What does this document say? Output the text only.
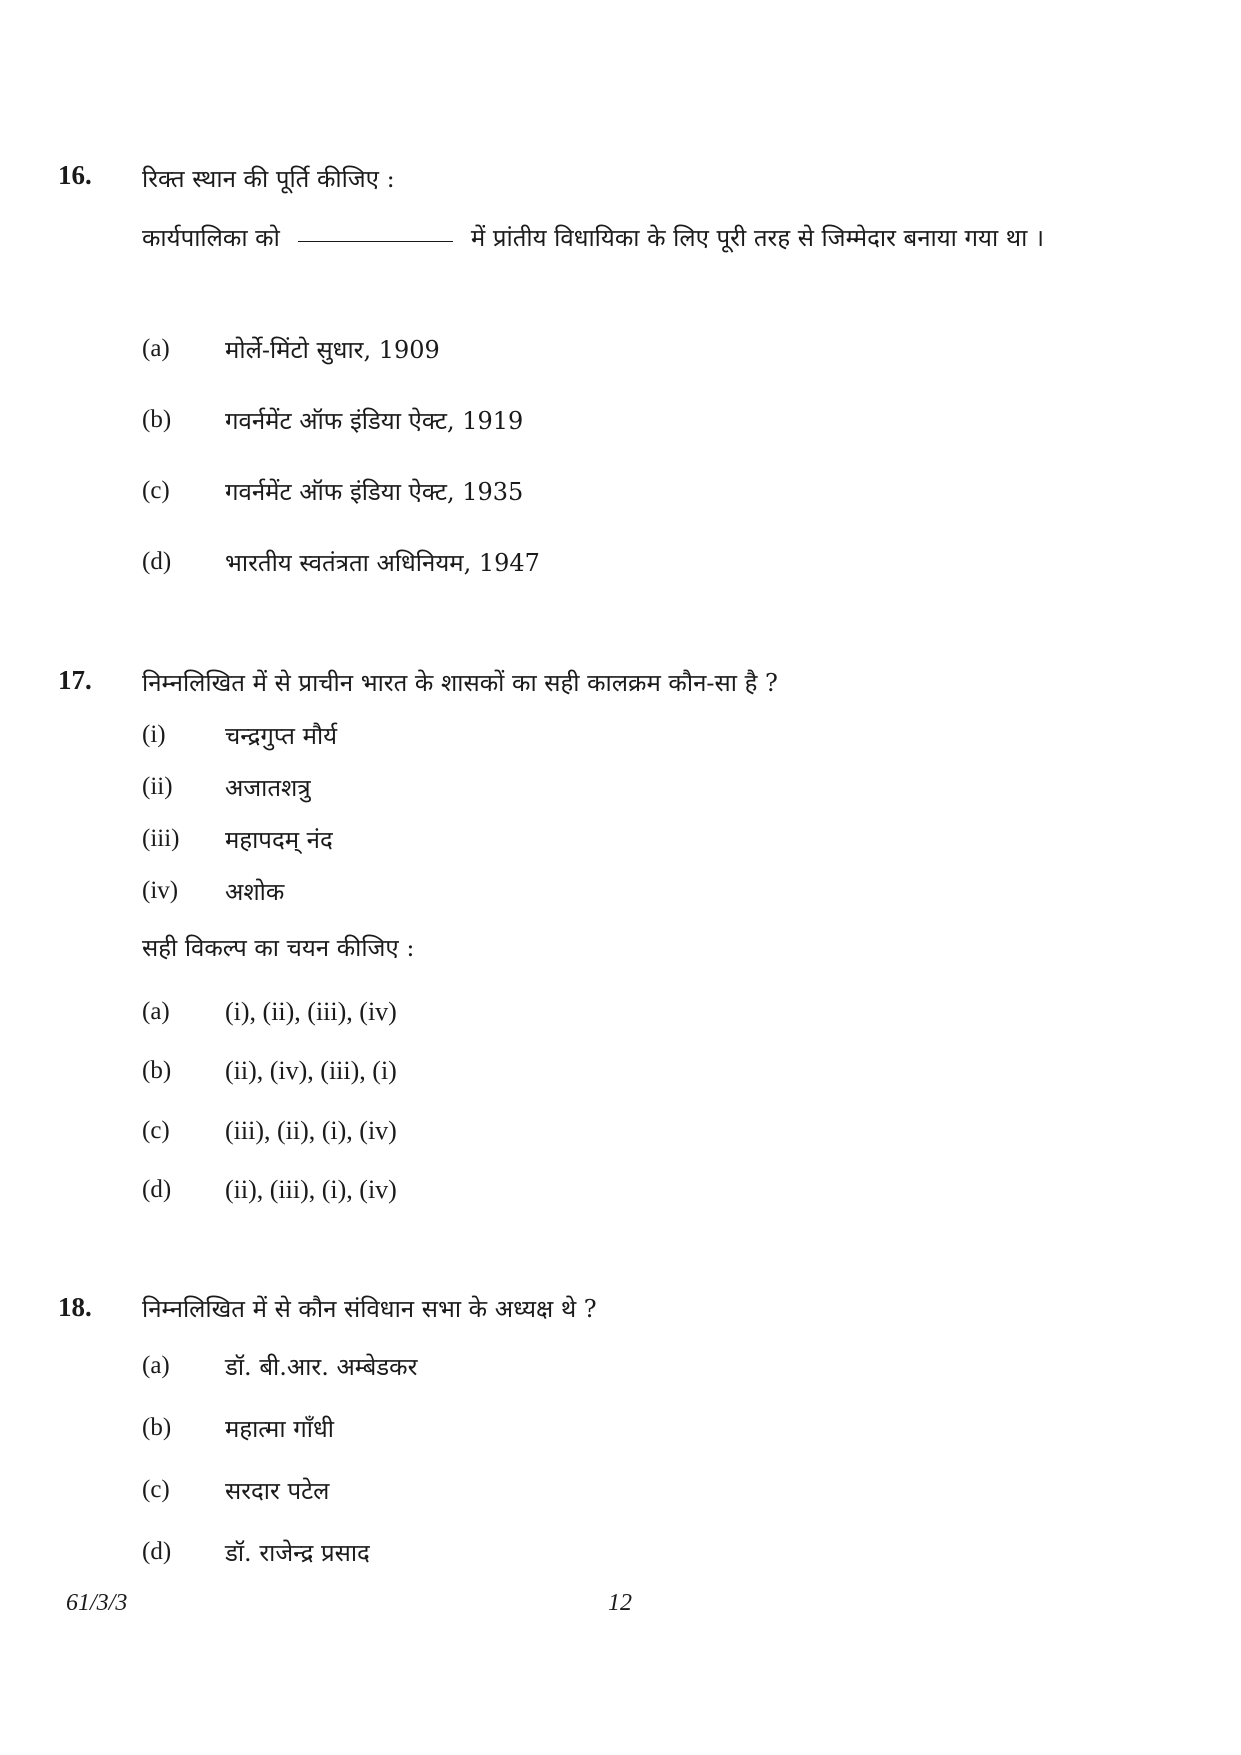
16. रिक्त स्थान की पूर्ति कीजिए :
कार्यपालिका को	में प्रांतीय विधायिका के लिए पूरी तरह से जिम्मेदार बनाया गया था ।
(a) मोर्ले-मिंटो सुधार, 1909
(b) गवर्नमेंट ऑफ इंडिया ऐक्ट, 1919
(c) गवर्नमेंट ऑफ इंडिया ऐक्ट, 1935
(d) भारतीय स्वतंत्रता अधिनियम, 1947
17. निम्नलिखित में से प्राचीन भारत के शासकों का सही कालक्रम कौन-सा है ?
(i) चन्द्रगुप्त मौर्य
(ii) अजातशत्रु
(iii) महापदम् नंद
(iv) अशोक
सही विकल्प का चयन कीजिए :
(a) (i), (ii), (iii), (iv)
(b) (ii), (iv), (iii), (i)
(c) (iii), (ii), (i), (iv)
(d) (ii), (iii), (i), (iv)
18. निम्नलिखित में से कौन संविधान सभा के अध्यक्ष थे ?
(a) डॉ. बी.आर. अम्बेडकर
(b) महात्मा गाँधी
(c) सरदार पटेल
(d) डॉ. राजेन्द्र प्रसाद
61/3/3	12
